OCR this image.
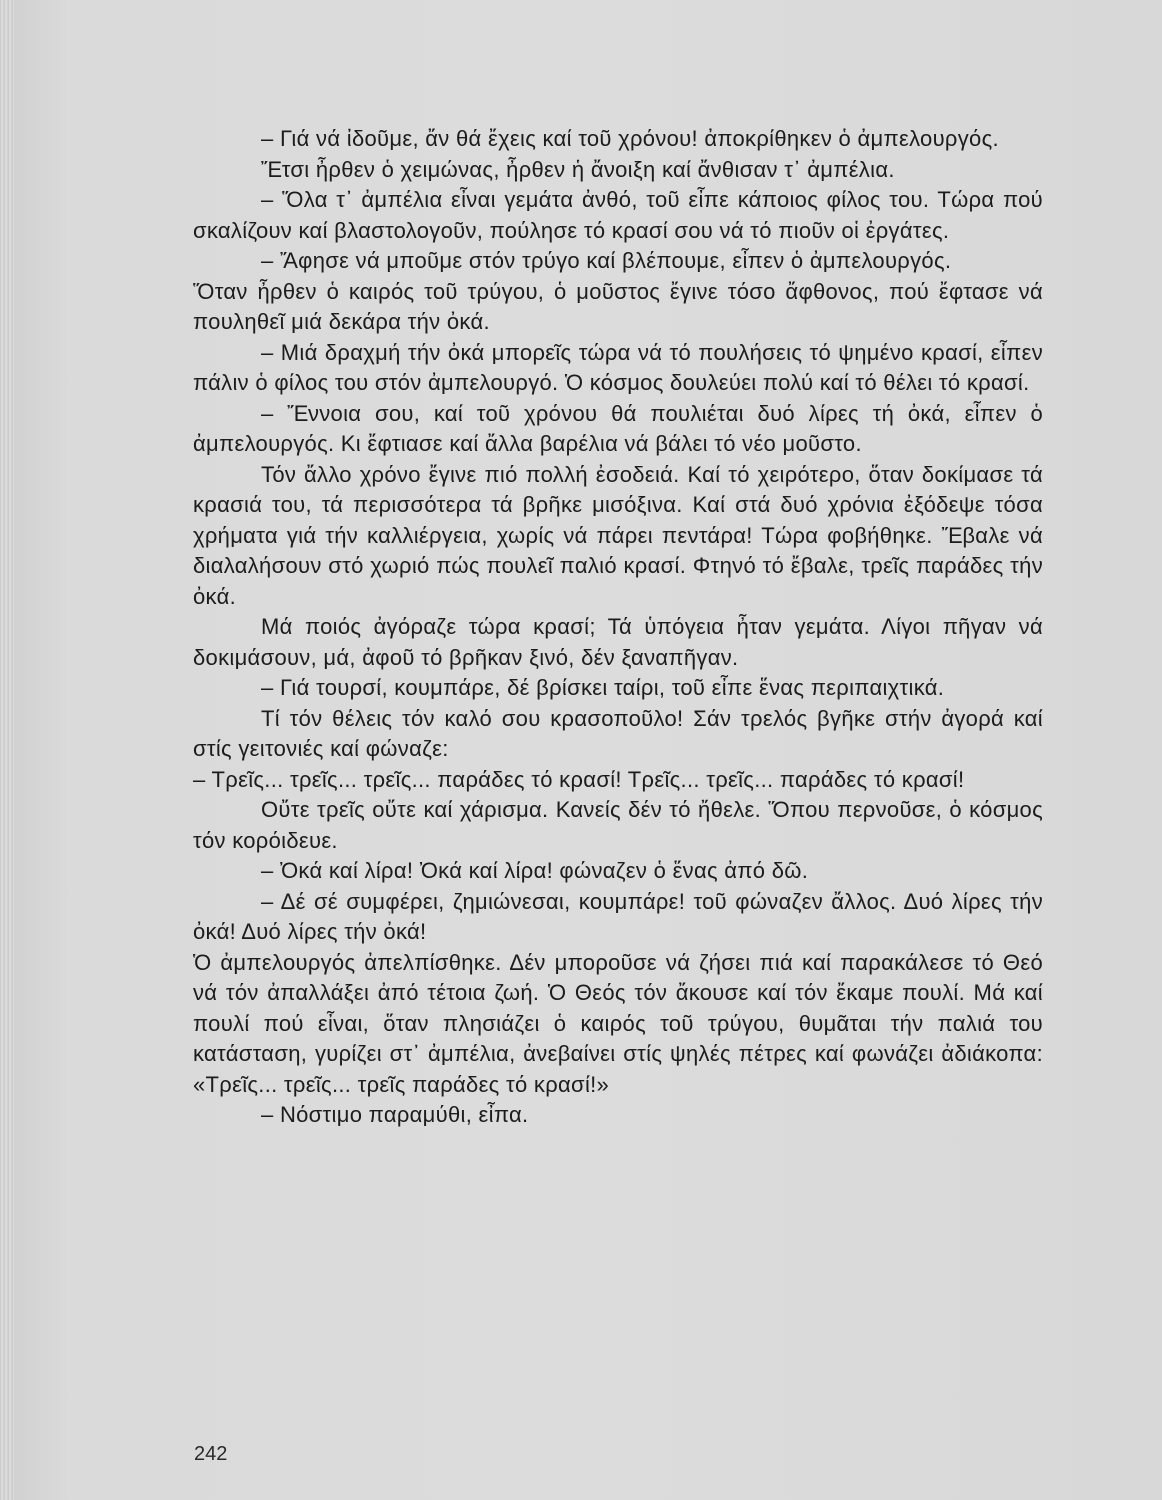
– Γιά νά ἰδοῦμε, ἄν θά ἔχεις καί τοῦ χρόνου! ἀποκρίθηκεν ὁ ἀμπελουργός.

Ἔτσι ἦρθεν ὁ χειμώνας, ἦρθεν ἡ ἄνοιξη καί ἄνθισαν τ᾽ ἀμπέλια.

– Ὅλα τ᾽ ἀμπέλια εἶναι γεμάτα ἀνθό, τοῦ εἶπε κάποιος φίλος του. Τώρα πού σκαλίζουν καί βλαστολογοῦν, πούλησε τό κρασί σου νά τό πιοῦν οἱ ἐργάτες.

– Ἄφησε νά μποῦμε στόν τρύγο καί βλέπουμε, εἶπεν ὁ ἀμπελουργός.

Ὅταν ἦρθεν ὁ καιρός τοῦ τρύγου, ὁ μοῦστος ἔγινε τόσο ἄφθονος, πού ἔφτασε νά πουληθεῖ μιά δεκάρα τήν ὀκά.

– Μιά δραχμή τήν ὀκά μπορεῖς τώρα νά τό πουλήσεις τό ψημένο κρασί, εἶπεν πάλιν ὁ φίλος του στόν ἀμπελουργό. Ὁ κόσμος δουλεύει πολύ καί τό θέλει τό κρασί.

– Ἔννοια σου, καί τοῦ χρόνου θά πουλιέται δυό λίρες τή ὀκά, εἶπεν ὁ ἀμπελουργός. Κι ἔφτιασε καί ἄλλα βαρέλια νά βάλει τό νέο μοῦστο.

Τόν ἄλλο χρόνο ἔγινε πιό πολλή ἐσοδειά. Καί τό χειρότερο, ὅταν δοκίμασε τά κρασιά του, τά περισσότερα τά βρῆκε μισόξινα. Καί στά δυό χρόνια ἐξόδεψε τόσα χρήματα γιά τήν καλλιέργεια, χωρίς νά πάρει πεντάρα! Τώρα φοβήθηκε. Ἔβαλε νά διαλαλήσουν στό χωριό πώς πουλεῖ παλιό κρασί. Φτηνό τό ἔβαλε, τρεῖς παράδες τήν ὀκά.

Μά ποιός ἀγόραζε τώρα κρασί; Τά ὑπόγεια ἦταν γεμάτα. Λίγοι πῆγαν νά δοκιμάσουν, μά, ἀφοῦ τό βρῆκαν ξινό, δέν ξαναπῆγαν.

– Γιά τουρσί, κουμπάρε, δέ βρίσκει ταίρι, τοῦ εἶπε ἕνας περιπαιχτικά.

Τί τόν θέλεις τόν καλό σου κρασοποῦλο! Σάν τρελός βγῆκε στήν ἀγορά καί στίς γειτονιές καί φώναζε:

– Τρεῖς... τρεῖς... τρεῖς... παράδες τό κρασί! Τρεῖς... τρεῖς... παράδες τό κρασί!

Οὔτε τρεῖς οὔτε καί χάρισμα. Κανείς δέν τό ἤθελε. Ὅπου περνοῦσε, ὁ κόσμος τόν κορόιδευε.

– Ὀκά καί λίρα! Ὀκά καί λίρα! φώναζεν ὁ ἕνας ἀπό δῶ.

– Δέ σέ συμφέρει, ζημιώνεσαι, κουμπάρε! τοῦ φώναζεν ἄλλος. Δυό λίρες τήν ὀκά! Δυό λίρες τήν ὀκά!

Ὁ ἀμπελουργός ἀπελπίσθηκε. Δέν μποροῦσε νά ζήσει πιά καί παρακάλεσε τό Θεό νά τόν ἀπαλλάξει ἀπό τέτοια ζωή. Ὁ Θεός τόν ἄκουσε καί τόν ἔκαμε πουλί. Μά καί πουλί πού εἶναι, ὅταν πλησιάζει ὁ καιρός τοῦ τρύγου, θυμᾶται τήν παλιά του κατάσταση, γυρίζει στ᾽ ἀμπέλια, ἀνεβαίνει στίς ψηλές πέτρες καί φωνάζει ἀδιάκοπα: «Τρεῖς... τρεῖς... τρεῖς παράδες τό κρασί!»

– Νόστιμο παραμύθι, εἶπα.

242
